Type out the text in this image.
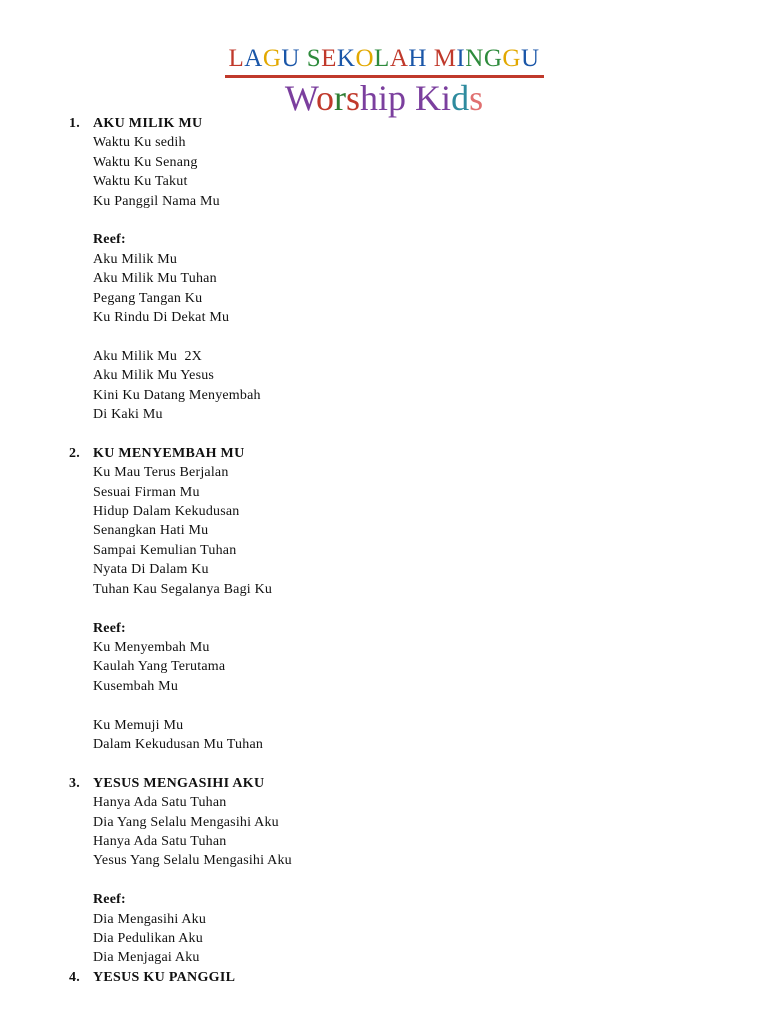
LAGU SEKOLAH MINGGU
Worship Kids
1. AKU MILIK MU
Waktu Ku sedih
Waktu Ku Senang
Waktu Ku Takut
Ku Panggil Nama Mu
Reef:
Aku Milik Mu
Aku Milik Mu Tuhan
Pegang Tangan Ku
Ku Rindu Di Dekat Mu
Aku Milik Mu  2X
Aku Milik Mu Yesus
Kini Ku Datang Menyembah
Di Kaki Mu
2. KU MENYEMBAH MU
Ku Mau Terus Berjalan
Sesuai Firman Mu
Hidup Dalam Kekudusan
Senangkan Hati Mu
Sampai Kemulian Tuhan
Nyata Di Dalam Ku
Tuhan Kau Segalanya Bagi Ku
Reef:
Ku Menyembah Mu
Kaulah Yang Terutama
Kusembah Mu
Ku Memuji Mu
Dalam Kekudusan Mu Tuhan
3. YESUS MENGASIHI AKU
Hanya Ada Satu Tuhan
Dia Yang Selalu Mengasihi Aku
Hanya Ada Satu Tuhan
Yesus Yang Selalu Mengasihi Aku
Reef:
Dia Mengasihi Aku
Dia Pedulikan Aku
Dia Menjagai Aku
4. YESUS KU PANGGIL
